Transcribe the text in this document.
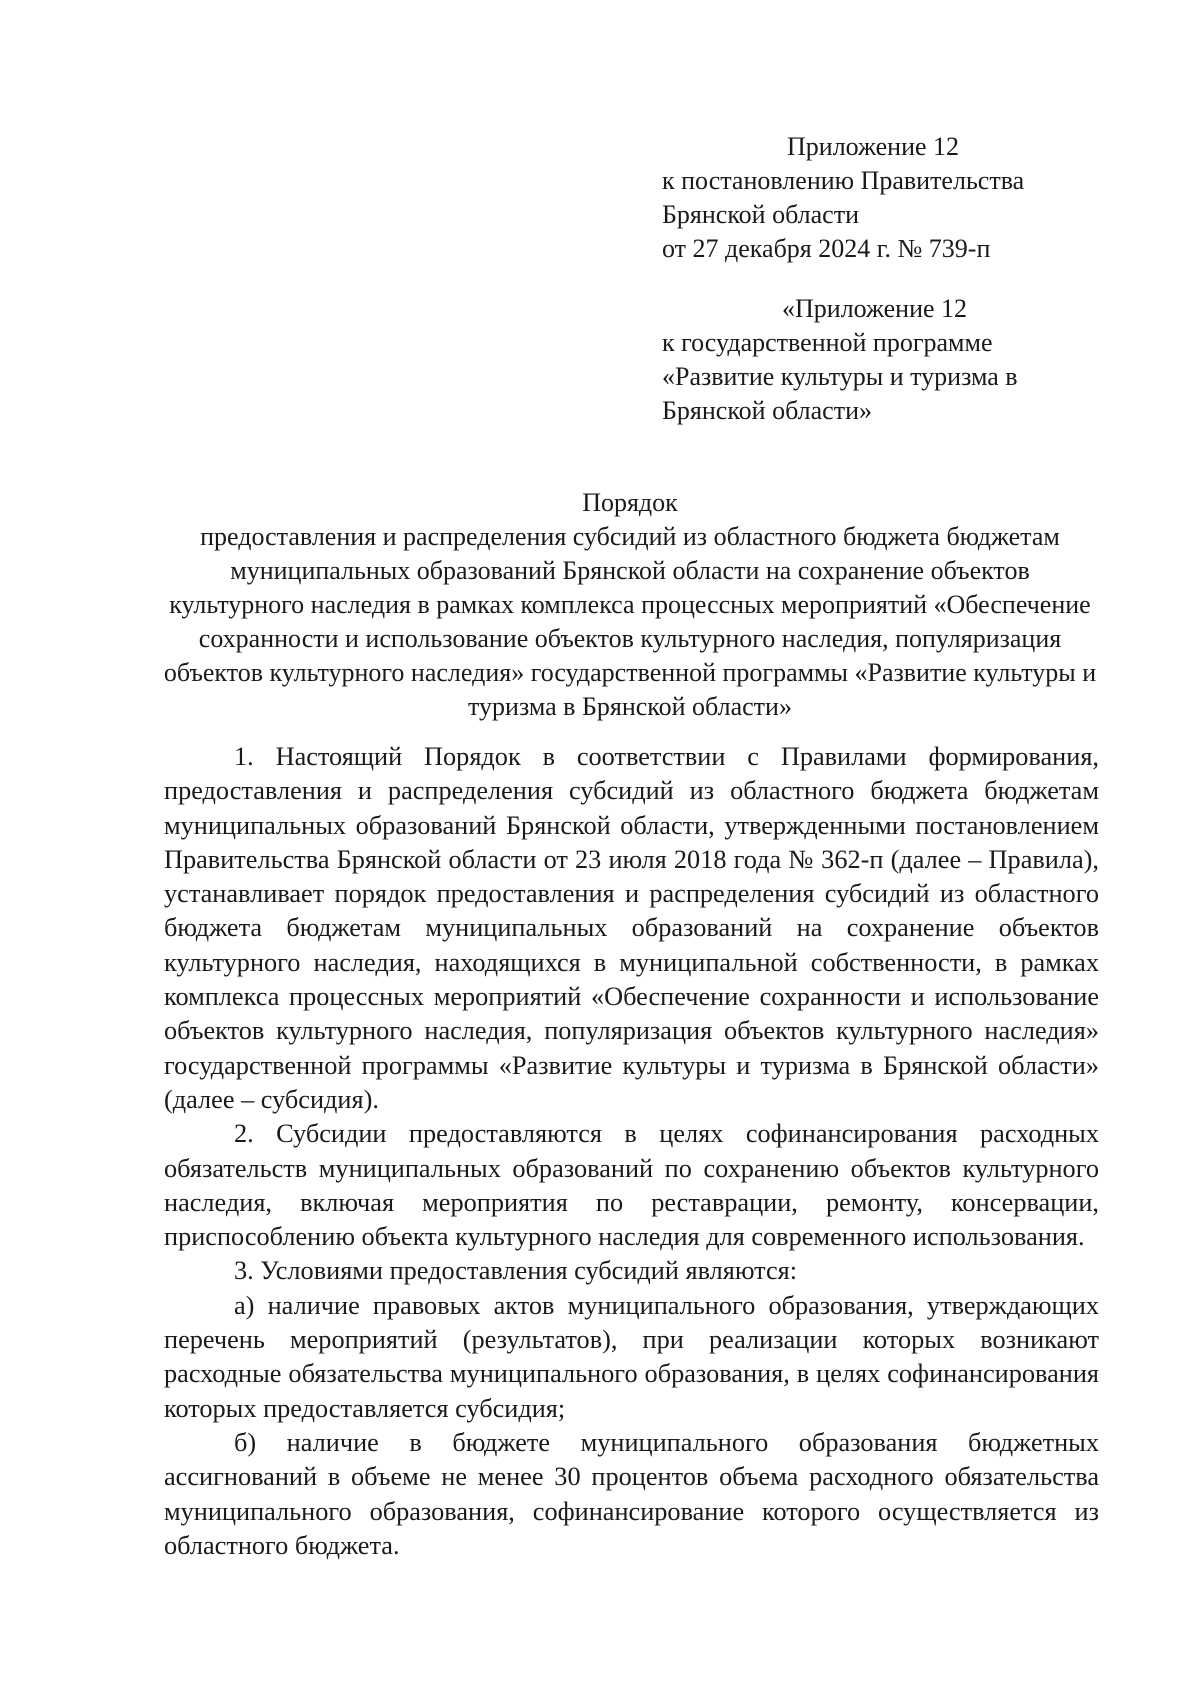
Приложение 12
к постановлению Правительства
Брянской области
от 27 декабря 2024 г. № 739-п
«Приложение 12
к государственной программе
«Развитие культуры и туризма в
Брянской области»
Порядок
предоставления и распределения субсидий из областного бюджета бюджетам муниципальных образований Брянской области на сохранение объектов культурного наследия в рамках комплекса процессных мероприятий «Обеспечение сохранности и использование объектов культурного наследия, популяризация объектов культурного наследия» государственной программы «Развитие культуры и туризма в Брянской области»

1. Настоящий Порядок в соответствии с Правилами формирования, предоставления и распределения субсидий из областного бюджета бюджетам муниципальных образований Брянской области, утвержденными постановлением Правительства Брянской области от 23 июля 2018 года № 362-п (далее – Правила), устанавливает порядок предоставления и распределения субсидий из областного бюджета бюджетам муниципальных образований на сохранение объектов культурного наследия, находящихся в муниципальной собственности, в рамках комплекса процессных мероприятий «Обеспечение сохранности и использование объектов культурного наследия, популяризация объектов культурного наследия» государственной программы «Развитие культуры и туризма в Брянской области» (далее – субсидия).

2. Субсидии предоставляются в целях софинансирования расходных обязательств муниципальных образований по сохранению объектов культурного наследия, включая мероприятия по реставрации, ремонту, консервации, приспособлению объекта культурного наследия для современного использования.

3. Условиями предоставления субсидий являются:

а) наличие правовых актов муниципального образования, утверждающих перечень мероприятий (результатов), при реализации которых возникают расходные обязательства муниципального образования, в целях софинансирования которых предоставляется субсидия;

б) наличие в бюджете муниципального образования бюджетных ассигнований в объеме не менее 30 процентов объема расходного обязательства муниципального образования, софинансирование которого осуществляется из областного бюджета.
